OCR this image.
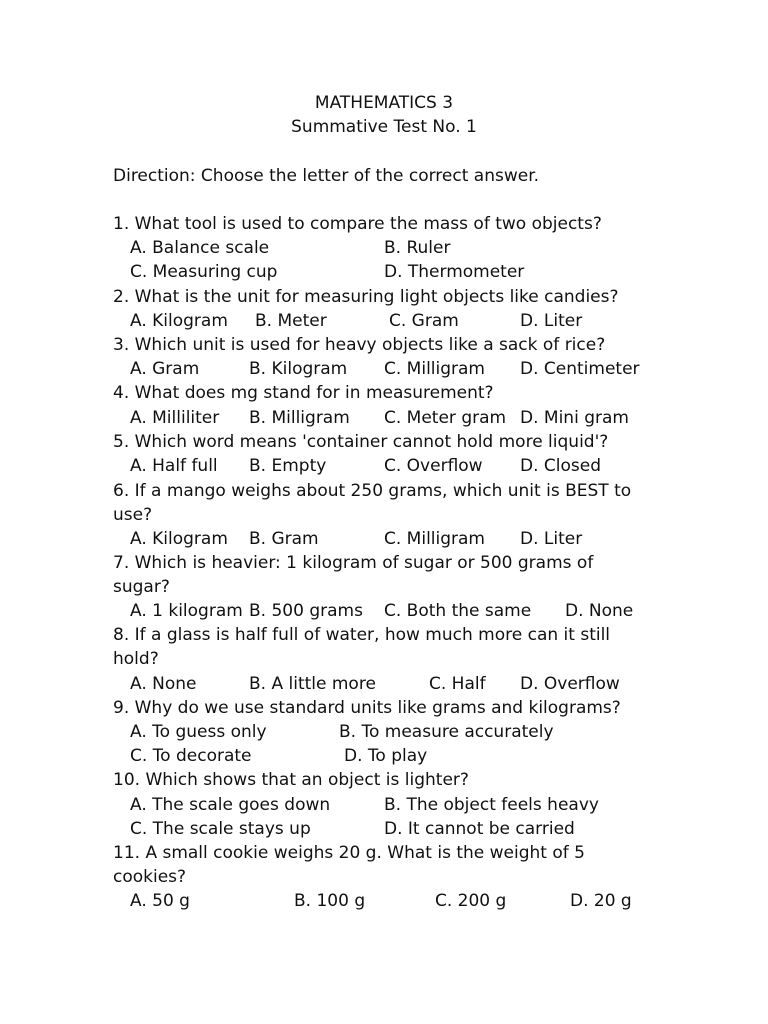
MATHEMATICS 3
Summative Test No. 1
Direction: Choose the letter of the correct answer.
1. What tool is used to compare the mass of two objects?
A. Balance scale	B. Ruler
C. Measuring cup	D. Thermometer
2. What is the unit for measuring light objects like candies?
A. Kilogram B. Meter	C. Gram	D. Liter
3. Which unit is used for heavy objects like a sack of rice?
A. Gram	B. Kilogram C. Milligram D. Centimeter
4. What does mg stand for in measurement?
A. Milliliter B. Milligram C. Meter gram D. Mini gram
5. Which word means 'container cannot hold more liquid'?
A. Half full B. Empty	C. Overflow D. Closed
6. If a mango weighs about 250 grams, which unit is BEST to
use?
A. Kilogram B. Gram	C. Milligram D. Liter
7. Which is heavier: 1 kilogram of sugar or 500 grams of
sugar?
A. 1 kilogram B. 500 grams C. Both the same D. None
8. If a glass is half full of water, how much more can it still
hold?
A. None	B. A little more	C. Half D. Overflow
9. Why do we use standard units like grams and kilograms?
A. To guess only	B. To measure accurately
C. To decorate	D. To play
10. Which shows that an object is lighter?
A. The scale goes down	B. The object feels heavy
C. The scale stays up	D. It cannot be carried
11. A small cookie weighs 20 g. What is the weight of 5
cookies?
A. 50 g	B. 100 g	C. 200 g	D. 20 g
